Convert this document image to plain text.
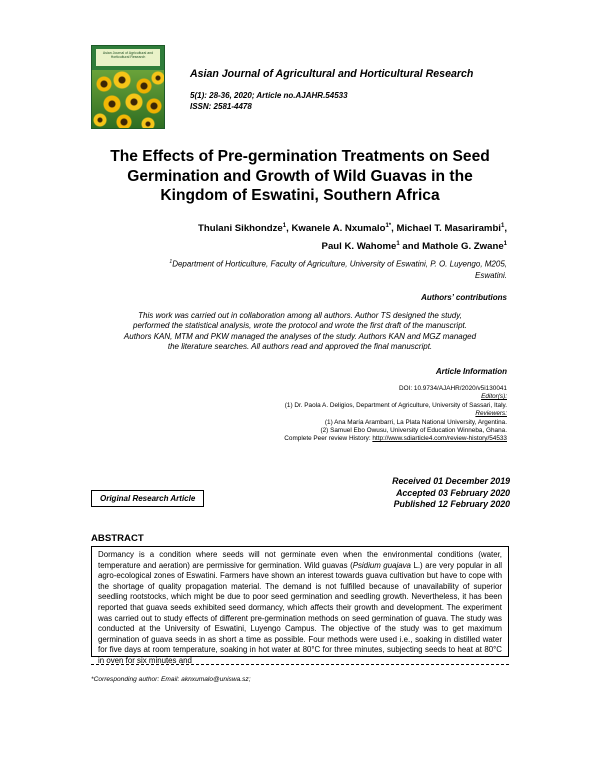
Asian Journal of Agricultural and Horticultural Research
Asian Journal of Agricultural and Horticultural Research
5(1): 28-36, 2020; Article no.AJAHR.54533
ISSN: 2581-4478
The Effects of Pre-germination Treatments on Seed
Germination and Growth of Wild Guavas in the
Kingdom of Eswatini, Southern Africa
Thulani Sikhondze$^1$, Kwanele A. Nxumalo$^{1*}$, Michael T. Masarirambi$^1$,
Paul K. Wahome$^1$ and Mathole G. Zwane$^1$
$^1$Department of Horticulture, Faculty of Agriculture, University of Eswatini, P. O. Luyengo, M205,
Eswatini.
Authors’ contributions
This work was carried out in collaboration among all authors. Author TS designed the study,
performed the statistical analysis, wrote the protocol and wrote the first draft of the manuscript.
Authors KAN, MTM and PKW managed the analyses of the study. Authors KAN and MGZ managed
the literature searches. All authors read and approved the final manuscript.
Article Information
DOI: 10.9734/AJAHR/2020/v5i130041
Editor(s):
(1) Dr. Paola A. Deligios, Department of Agriculture, University of Sassari, Italy.
Reviewers:
(1) Ana María Arambarri, La Plata National University, Argentina.
(2) Samuel Ebo Owusu, University of Education Winneba, Ghana.
Complete Peer review History: http://www.sdiarticle4.com/review-history/54533
Original Research Article
Received 01 December 2019
Accepted 03 February 2020
Published 12 February 2020
ABSTRACT
Dormancy is a condition where seeds will not germinate even when the environmental conditions (water, temperature and aeration) are permissive for germination. Wild guavas (Psidium guajava L.) are very popular in all agro-ecological zones of Eswatini. Farmers have shown an interest towards guava cultivation but have to cope with the shortage of quality propagation material. The demand is not fulfilled because of unavailability of superior seedling rootstocks, which might be due to poor seed germination and seedling growth. Nevertheless, it has been reported that guava seeds exhibited seed dormancy, which affects their growth and development. The experiment was carried out to study effects of different pre-germination methods on seed germination of guava. The study was conducted at the University of Eswatini, Luyengo Campus. The objective of the study was to get maximum germination of guava seeds in as short a time as possible. Four methods were used i.e., soaking in distilled water for five days at room temperature, soaking in hot water at 80°C for three minutes, subjecting seeds to heat at 80°C in oven for six minutes and
*Corresponding author: Email: aknxumalo@uniswa.sz;
